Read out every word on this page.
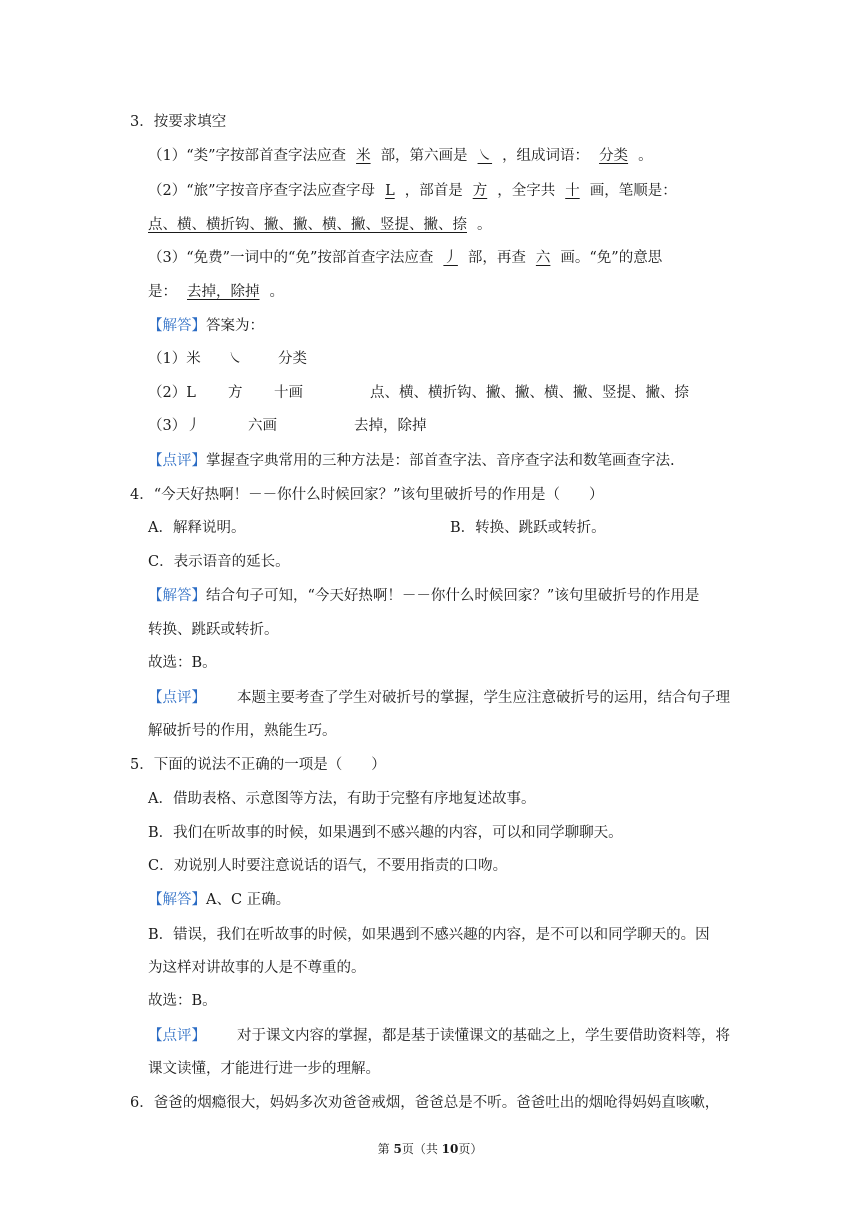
3．按要求填空
（1）“类”字按部首查字法应查 米 部，第六画是 ㇏ ，组成词语： 分类 。
（2）“旅”字按音序查字法应查字母 L ，部首是 方 ，全字共 十 画，笔顺是：
点、横、横折钩、撇、撇、横、撇、竖提、撇、捺 。
（3）“免费”一词中的“免”按部首查字法应查 丿 部，再查 六 画。“免”的意思
是： 去掉，除掉 。
【解答】答案为：
（1）米 ㇏ 分类
（2）L 方 十画	点、横、横折钩、撇、撇、横、撇、竖提、撇、捺
（3）丿	六画	去掉，除掉
【点评】掌握查字典常用的三种方法是：部首查字法、音序查字法和数笔画查字法.
4．“今天好热啊！－－你什么时候回家？”该句里破折号的作用是（　　）
A．解释说明。	B．转换、跳跃或转折。
C．表示语音的延长。
【解答】结合句子可知，“今天好热啊！－－你什么时候回家？”该句里破折号的作用是
转换、跳跃或转折。
故选：B。
【点评】 本题主要考查了学生对破折号的掌握，学生应注意破折号的运用，结合句子理
解破折号的作用，熟能生巧。
5．下面的说法不正确的一项是（　　）
A．借助表格、示意图等方法，有助于完整有序地复述故事。
B．我们在听故事的时候，如果遇到不感兴趣的内容，可以和同学聊聊天。
C．劝说别人时要注意说话的语气，不要用指责的口吻。
【解答】A、C 正确。
B．错误，我们在听故事的时候，如果遇到不感兴趣的内容，是不可以和同学聊天的。因
为这样对讲故事的人是不尊重的。
故选：B。
【点评】 对于课文内容的掌握，都是基于读懂课文的基础之上，学生要借助资料等，将
课文读懂，才能进行进一步的理解。
6．爸爸的烟瘾很大，妈妈多次劝爸爸戒烟，爸爸总是不听。爸爸吐出的烟呛得妈妈直咳嗽，
第 5页（共 10页）
